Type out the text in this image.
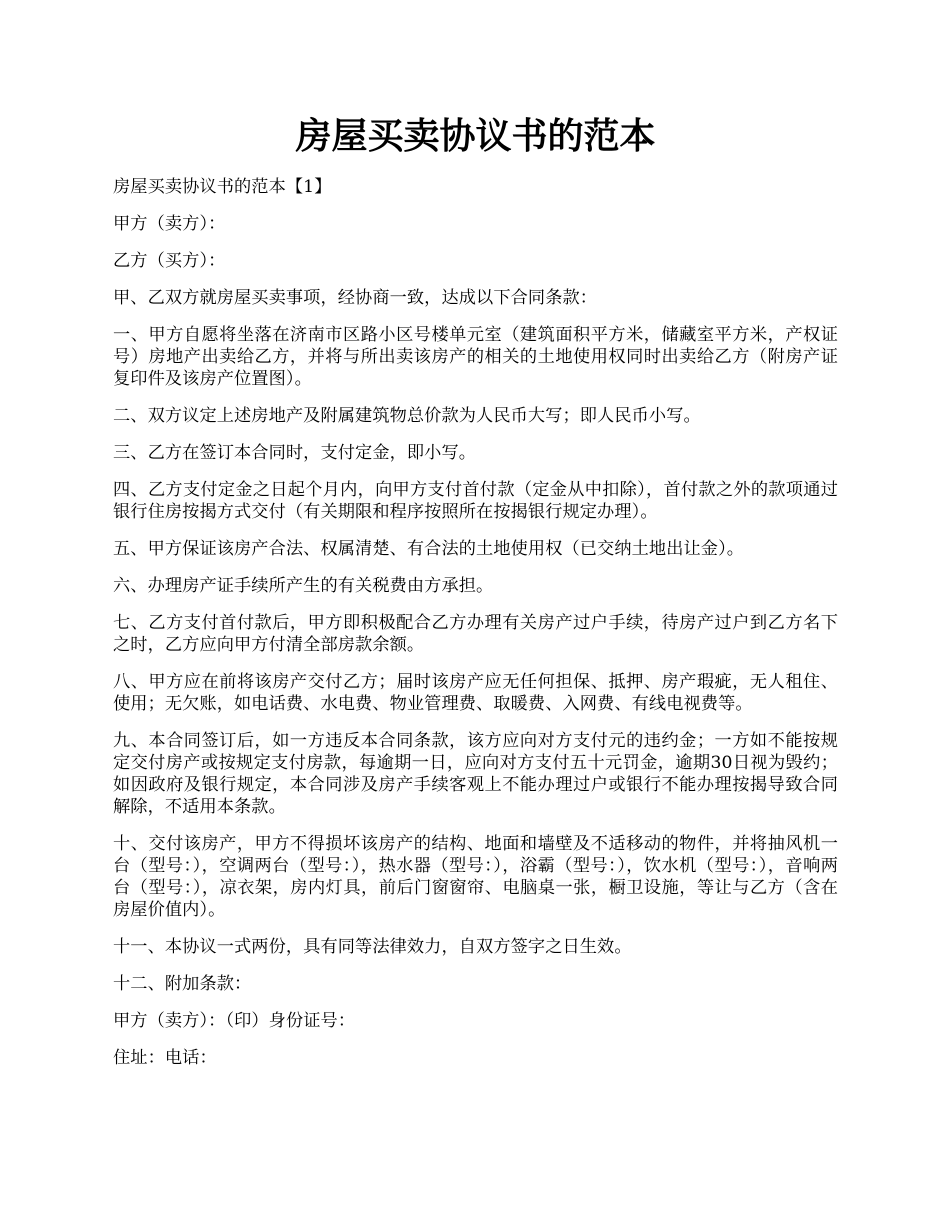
房屋买卖协议书的范本

房屋买卖协议书的范本【1】

甲方（卖方）：

乙方（买方）：

甲、乙双方就房屋买卖事项，经协商一致，达成以下合同条款：

一、甲方自愿将坐落在济南市区路小区号楼单元室（建筑面积平方米，储藏室平方米，产权证号）房地产出卖给乙方，并将与所出卖该房产的相关的土地使用权同时出卖给乙方（附房产证复印件及该房产位置图）。

二、双方议定上述房地产及附属建筑物总价款为人民币大写；即人民币小写。

三、乙方在签订本合同时，支付定金，即小写。

四、乙方支付定金之日起个月内，向甲方支付首付款（定金从中扣除），首付款之外的款项通过银行住房按揭方式交付（有关期限和程序按照所在按揭银行规定办理）。

五、甲方保证该房产合法、权属清楚、有合法的土地使用权（已交纳土地出让金）。

六、办理房产证手续所产生的有关税费由方承担。

七、乙方支付首付款后，甲方即积极配合乙方办理有关房产过户手续，待房产过户到乙方名下之时，乙方应向甲方付清全部房款余额。

八、甲方应在前将该房产交付乙方；届时该房产应无任何担保、抵押、房产瑕疵，无人租住、使用；无欠账，如电话费、水电费、物业管理费、取暖费、入网费、有线电视费等。

九、本合同签订后，如一方违反本合同条款，该方应向对方支付元的违约金；一方如不能按规定交付房产或按规定支付房款，每逾期一日，应向对方支付五十元罚金，逾期30日视为毁约；如因政府及银行规定，本合同涉及房产手续客观上不能办理过户或银行不能办理按揭导致合同解除，不适用本条款。

十、交付该房产，甲方不得损坏该房产的结构、地面和墙壁及不适移动的物件，并将抽风机一台（型号：），空调两台（型号：），热水器（型号：），浴霸（型号：），饮水机（型号：），音响两台（型号：），凉衣架，房内灯具，前后门窗窗帘、电脑桌一张，橱卫设施，等让与乙方（含在房屋价值内）。

十一、本协议一式两份，具有同等法律效力，自双方签字之日生效。

十二、附加条款：

甲方（卖方）：（印）身份证号：

住址：电话：
